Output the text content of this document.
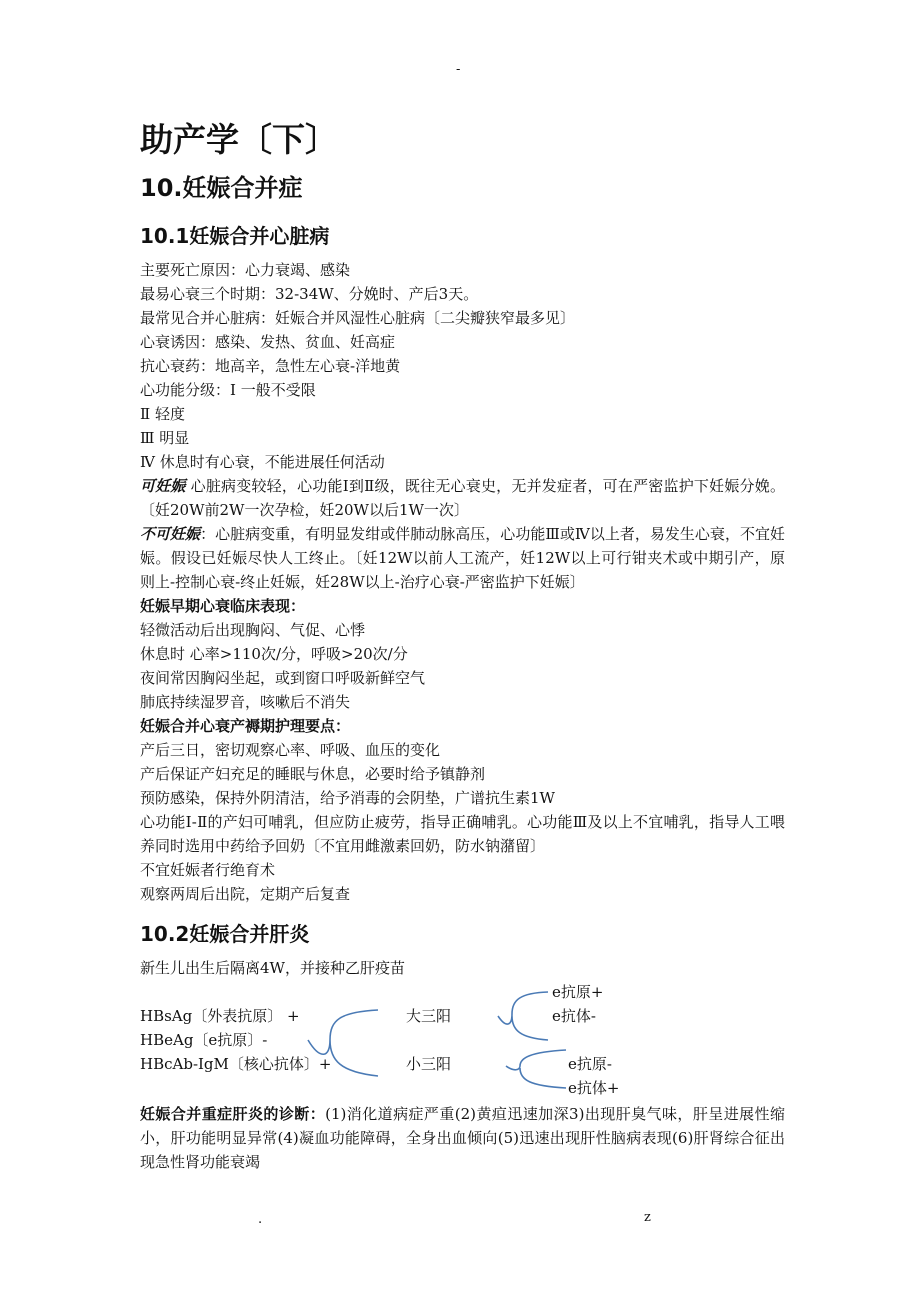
-
助产学〔下〕
10.妊娠合并症
10.1妊娠合并心脏病
主要死亡原因：心力衰竭、感染
最易心衰三个时期：32-34W、分娩时、产后3天。
最常见合并心脏病：妊娠合并风湿性心脏病〔二尖瓣狭窄最多见〕
心衰诱因：感染、发热、贫血、妊高症
抗心衰药：地高辛，急性左心衰-洋地黄
心功能分级：Ⅰ 一般不受限
Ⅱ 轻度
Ⅲ 明显
Ⅳ 休息时有心衰，不能进展任何活动
可妊娠 心脏病变较轻，心功能Ⅰ到Ⅱ级，既往无心衰史，无并发症者，可在严密监护下妊娠分娩。〔妊20W前2W一次孕检，妊20W以后1W一次〕
不可妊娠：心脏病变重，有明显发绀或伴肺动脉高压，心功能Ⅲ或Ⅳ以上者，易发生心衰，不宜妊娠。假设已妊娠尽快人工终止。〔妊12W以前人工流产，妊12W以上可行钳夹术或中期引产，原则上-控制心衰-终止妊娠，妊28W以上-治疗心衰-严密监护下妊娠〕
妊娠早期心衰临床表现：
轻微活动后出现胸闷、气促、心悸
休息时 心率>110次/分，呼吸>20次/分
夜间常因胸闷坐起，或到窗口呼吸新鲜空气
肺底持续湿罗音，咳嗽后不消失
妊娠合并心衰产褥期护理要点：
产后三日，密切观察心率、呼吸、血压的变化
产后保证产妇充足的睡眠与休息，必要时给予镇静剂
预防感染，保持外阴清洁，给予消毒的会阴垫，广谱抗生素1W
心功能Ⅰ-Ⅱ的产妇可哺乳，但应防止疲劳，指导正确哺乳。心功能Ⅲ及以上不宜哺乳，指导人工喂养同时选用中药给予回奶〔不宜用雌激素回奶，防水钠潴留〕
不宜妊娠者行绝育术
观察两周后出院，定期产后复查
10.2妊娠合并肝炎
新生儿出生后隔离4W，并接种乙肝疫苗
HBsAg〔外表抗原〕 +
HBeAg〔e抗原〕-
HBcAb-IgM〔核心抗体〕+
大三阳
小三阳
e抗原+
e抗体-
e抗原-
e抗体+
妊娠合并重症肝炎的诊断：(1)消化道病症严重(2)黄疸迅速加深3)出现肝臭气味，肝呈进展性缩小，肝功能明显异常(4)凝血功能障碍，全身出血倾向(5)迅速出现肝性脑病表现(6)肝肾综合征出现急性肾功能衰竭
.	z
